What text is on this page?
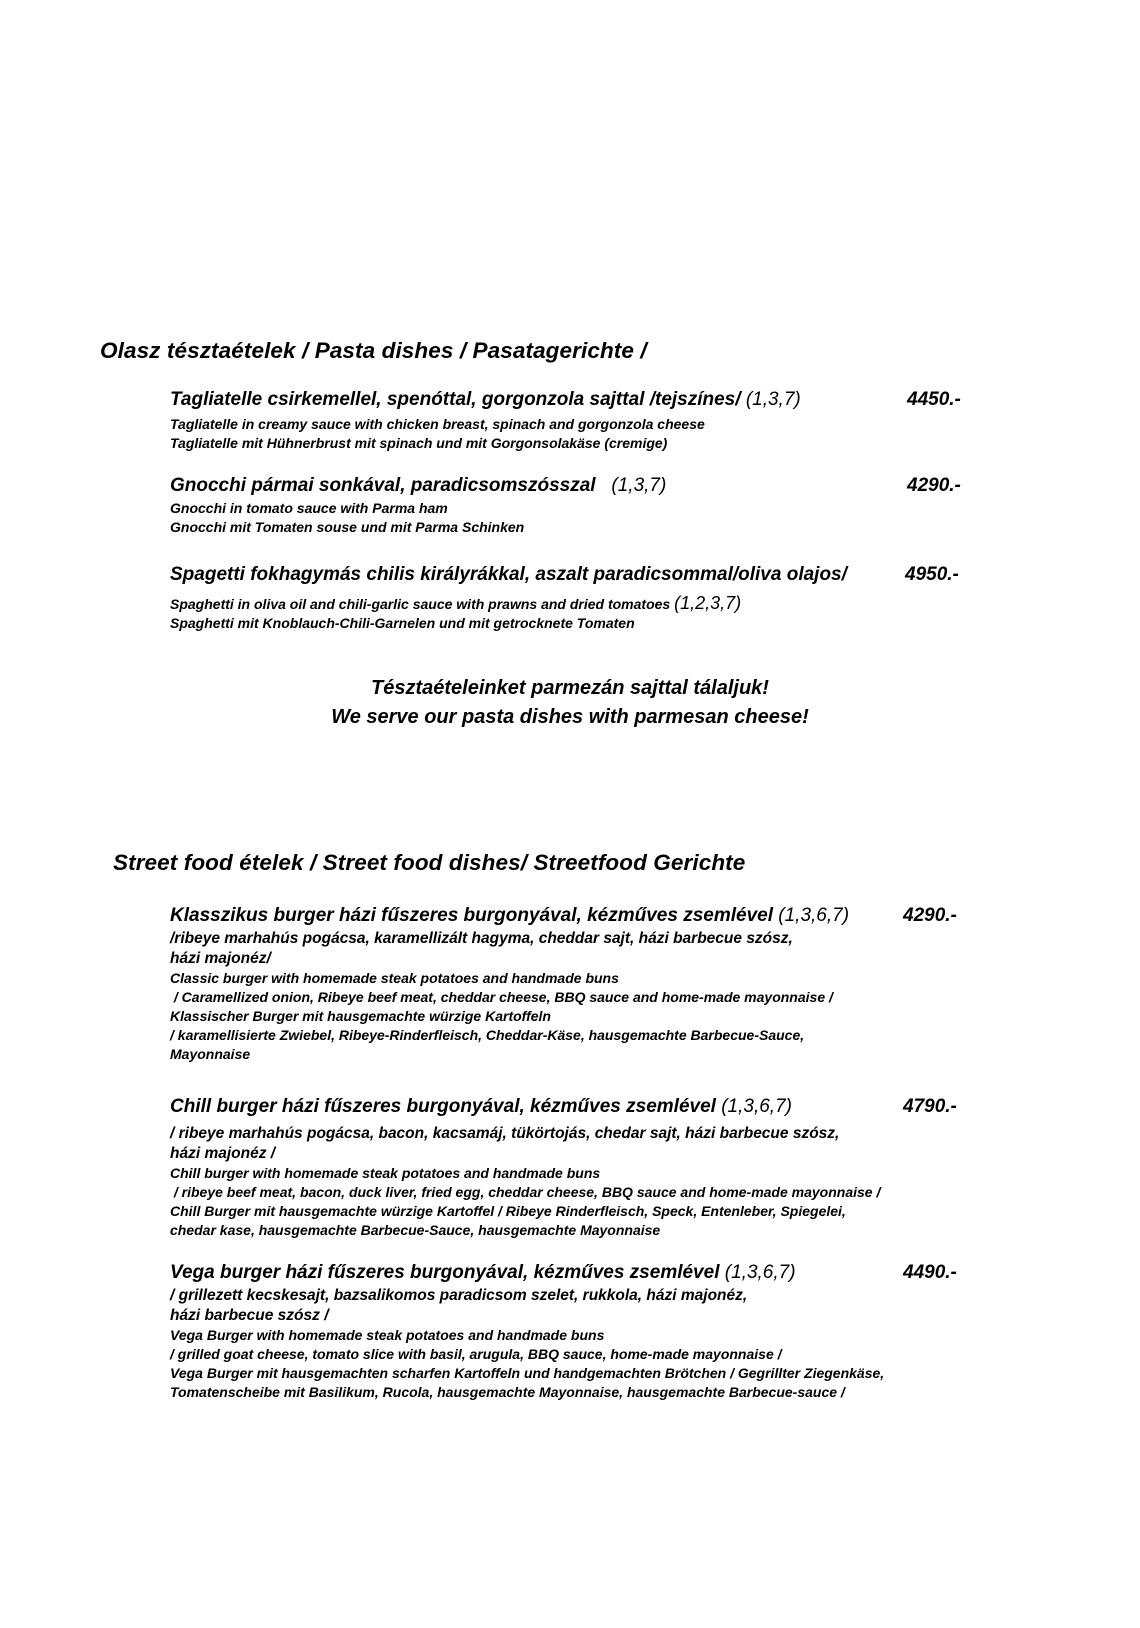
Olasz tésztaételek / Pasta dishes / Pasatagerichte /
Tagliatelle csirkemellel, spenóttal, gorgonzola sajttal /tejszínes/ (1,3,7)	4450.-
Tagliatelle in creamy sauce with chicken breast, spinach and gorgonzola cheese
Tagliatelle mit Hühnerbrust mit spinach und mit Gorgonsolakäse (cremige)
Gnocchi pármai sonkával, paradicsomszósszal (1,3,7)	4290.-
Gnocchi in tomato sauce with Parma ham
Gnocchi mit Tomaten souse und mit Parma Schinken
Spagetti fokhagymás chilis királyrákkal, aszalt paradicsommal/oliva olajos/	4950.-
Spaghetti in oliva oil and chili-garlic sauce with prawns and dried tomatoes (1,2,3,7)
Spaghetti mit Knoblauch-Chili-Garnelen und mit getrocknete Tomaten
Tésztaételeinket parmezán sajttal tálaljuk!
We serve our pasta dishes with parmesan cheese!
Street food ételek / Street food dishes/ Streetfood Gerichte
Klasszikus burger házi fűszeres burgonyával, kézműves zsemlével (1,3,6,7)	4290.-
/ribeye marhahús pogácsa, karamellizált hagyma, cheddar sajt, házi barbecue szósz,
házi majonéz/
Classic burger with homemade steak potatoes and handmade buns
/ Caramellized onion, Ribeye beef meat, cheddar cheese, BBQ sauce and home-made mayonnaise /
Klassischer Burger mit hausgemachte würzige Kartoffeln
/ karamellisierte Zwiebel, Ribeye-Rinderfleisch, Cheddar-Käse, hausgemachte Barbecue-Sauce,
Mayonnaise
Chill burger házi fűszeres burgonyával, kézműves zsemlével (1,3,6,7)	4790.-
/ ribeye marhahús pogácsa, bacon, kacsamáj, tükörtojás, chedar sajt, házi barbecue szósz,
házi majonéz /
Chill burger with homemade steak potatoes and handmade buns
/ ribeye beef meat, bacon, duck liver, fried egg, cheddar cheese, BBQ sauce and home-made mayonnaise /
Chill Burger mit hausgemachte würzige Kartoffel / Ribeye Rinderfleisch, Speck, Entenleber, Spiegelei,
chedar kase, hausgemachte Barbecue-Sauce, hausgemachte Mayonnaise
Vega burger házi fűszeres burgonyával, kézműves zsemlével (1,3,6,7)	4490.-
/ grillezett kecskesajt, bazsalikomos paradicsom szelet, rukkola, házi majonéz,
házi barbecue szósz /
Vega Burger with homemade steak potatoes and handmade buns
/ grilled goat cheese, tomato slice with basil, arugula, BBQ sauce, home-made mayonnaise /
Vega Burger mit hausgemachten scharfen Kartoffeln und handgemachten Brötchen / Gegrillter Ziegenkäse,
Tomatenscheibe mit Basilikum, Rucola, hausgemachte Mayonnaise, hausgemachte Barbecue-sauce /
